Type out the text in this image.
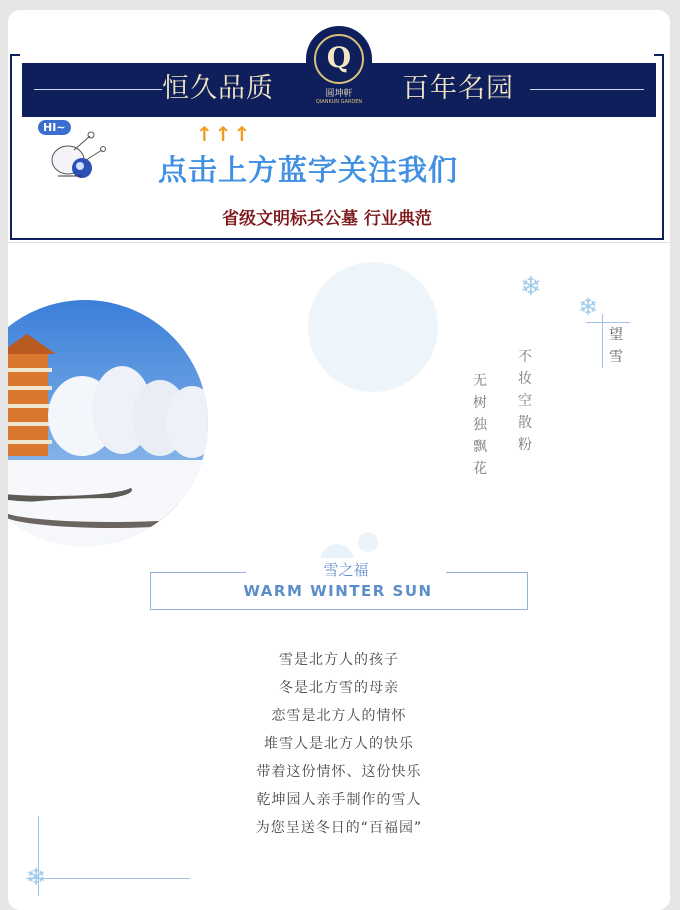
恒久品质	百年名园
Q
圆坤軒
QIANKUN GARDEN
HI~	↑↑↑
点击上方蓝字关注我们
省级文明标兵公墓 行业典范
❄
❄
望雪
不妆空散粉
无树独飘花
雪之福
WARM WINTER SUN
雪是北方人的孩子
冬是北方雪的母亲
恋雪是北方人的情怀
堆雪人是北方人的快乐
带着这份情怀、这份快乐
乾坤园人亲手制作的雪人
为您呈送冬日的“百福园”
❄
